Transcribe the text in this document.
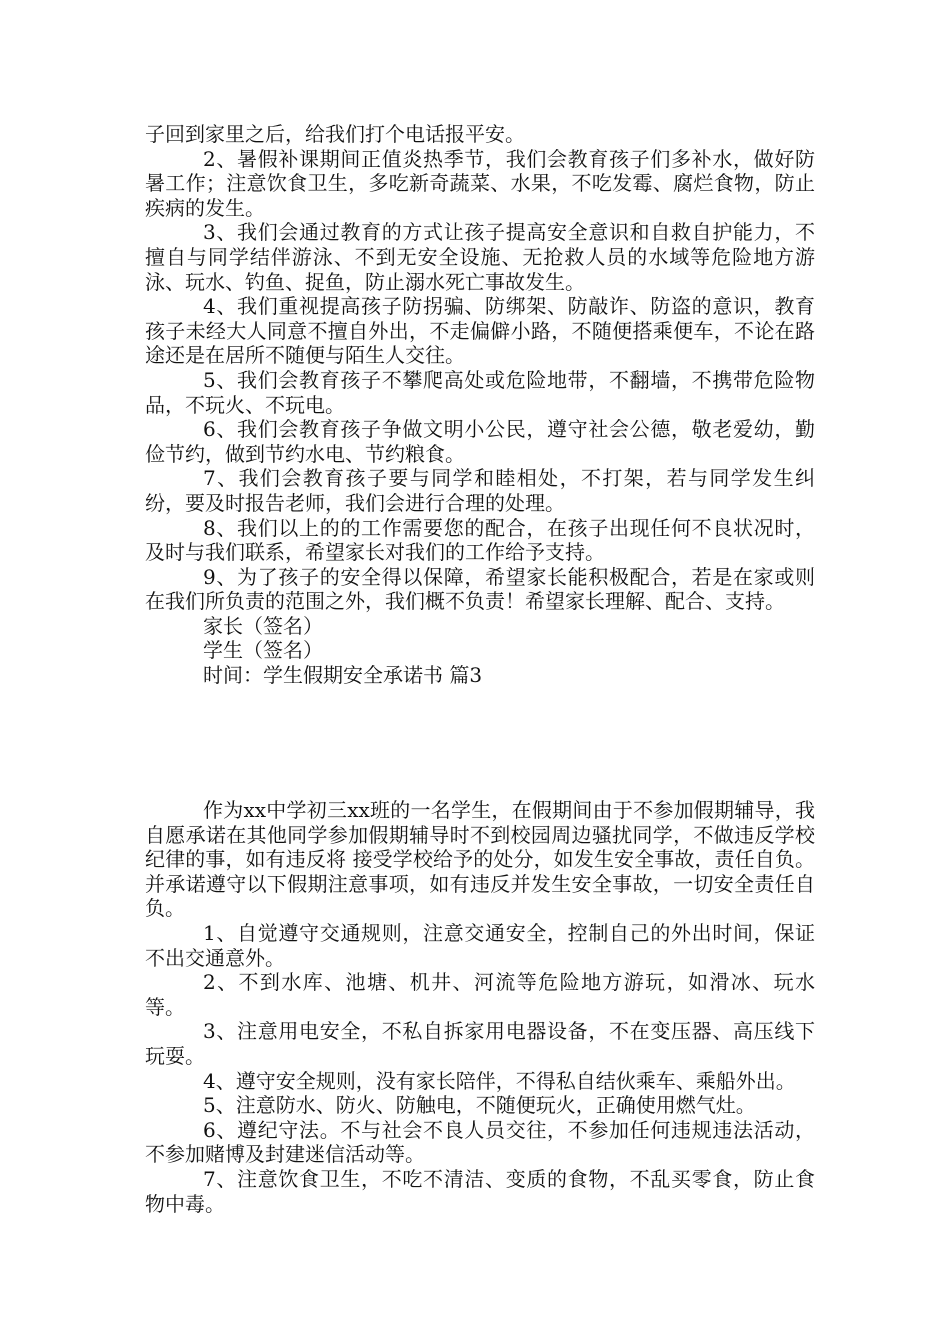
子回到家里之后，给我们打个电话报平安。

2、暑假补课期间正值炎热季节，我们会教育孩子们多补水，做好防暑工作；注意饮食卫生，多吃新奇蔬菜、水果，不吃发霉、腐烂食物，防止疾病的发生。

3、我们会通过教育的方式让孩子提高安全意识和自救自护能力，不擅自与同学结伴游泳、不到无安全设施、无抢救人员的水域等危险地方游泳、玩水、钓鱼、捉鱼，防止溺水死亡事故发生。

4、我们重视提高孩子防拐骗、防绑架、防敲诈、防盗的意识，教育孩子未经大人同意不擅自外出，不走偏僻小路，不随便搭乘便车，不论在路途还是在居所不随便与陌生人交往。

5、我们会教育孩子不攀爬高处或危险地带，不翻墙，不携带危险物品，不玩火、不玩电。

6、我们会教育孩子争做文明小公民，遵守社会公德，敬老爱幼，勤俭节约，做到节约水电、节约粮食。

7、我们会教育孩子要与同学和睦相处，不打架，若与同学发生纠纷，要及时报告老师，我们会进行合理的处理。

8、我们以上的的工作需要您的配合，在孩子出现任何不良状况时，及时与我们联系，希望家长对我们的工作给予支持。

9、为了孩子的安全得以保障，希望家长能积极配合，若是在家或则在我们所负责的范围之外，我们概不负责！希望家长理解、配合、支持。

家长（签名）

学生（签名）

时间：学生假期安全承诺书 篇3

作为xx中学初三xx班的一名学生，在假期间由于不参加假期辅导，我自愿承诺在其他同学参加假期辅导时不到校园周边骚扰同学，不做违反学校纪律的事，如有违反将 接受学校给予的处分，如发生安全事故，责任自负。并承诺遵守以下假期注意事项，如有违反并发生安全事故，一切安全责任自负。

1、自觉遵守交通规则，注意交通安全，控制自己的外出时间，保证不出交通意外。

2、不到水库、池塘、机井、河流等危险地方游玩，如滑冰、玩水等。

3、注意用电安全，不私自拆家用电器设备，不在变压器、高压线下玩耍。

4、遵守安全规则，没有家长陪伴，不得私自结伙乘车、乘船外出。

5、注意防水、防火、防触电，不随便玩火，正确使用燃气灶。

6、遵纪守法。不与社会不良人员交往，不参加任何违规违法活动，不参加赌博及封建迷信活动等。

7、注意饮食卫生，不吃不清洁、变质的食物，不乱买零食，防止食物中毒。
